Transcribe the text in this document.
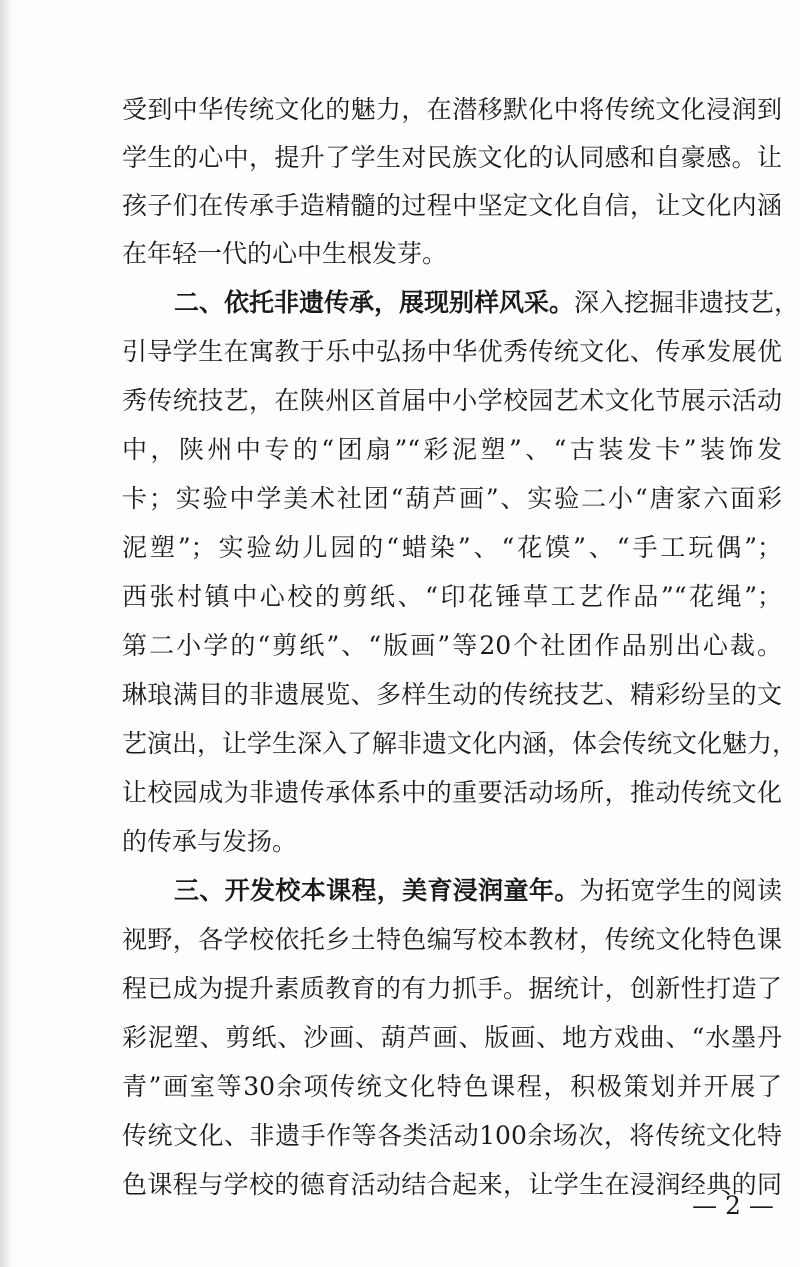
受到中华传统文化的魅力，在潜移默化中将传统文化浸润到
学生的心中，提升了学生对民族文化的认同感和自豪感。让
孩子们在传承手造精髓的过程中坚定文化自信，让文化内涵
在年轻一代的心中生根发芽。
二、依托非遗传承，展现别样风采。深入挖掘非遗技艺，
引导学生在寓教于乐中弘扬中华优秀传统文化、传承发展优
秀传统技艺，在陕州区首届中小学校园艺术文化节展示活动
中，陕州中专的“团扇”“彩泥塑”、“古装发卡”装饰发
卡；实验中学美术社团“葫芦画”、实验二小“唐家六面彩
泥塑”；实验幼儿园的“蜡染”、“花馍”、“手工玩偶”；
西张村镇中心校的剪纸、“印花锤草工艺作品”“花绳”；
第二小学的“剪纸”、“版画”等20个社团作品别出心裁。
琳琅满目的非遗展览、多样生动的传统技艺、精彩纷呈的文
艺演出，让学生深入了解非遗文化内涵，体会传统文化魅力，
让校园成为非遗传承体系中的重要活动场所，推动传统文化
的传承与发扬。
三、开发校本课程，美育浸润童年。为拓宽学生的阅读
视野，各学校依托乡土特色编写校本教材，传统文化特色课
程已成为提升素质教育的有力抓手。据统计，创新性打造了
彩泥塑、剪纸、沙画、葫芦画、版画、地方戏曲、“水墨丹
青”画室等30余项传统文化特色课程，积极策划并开展了
传统文化、非遗手作等各类活动100余场次，将传统文化特
色课程与学校的德育活动结合起来，让学生在浸润经典的同
— 2 —
